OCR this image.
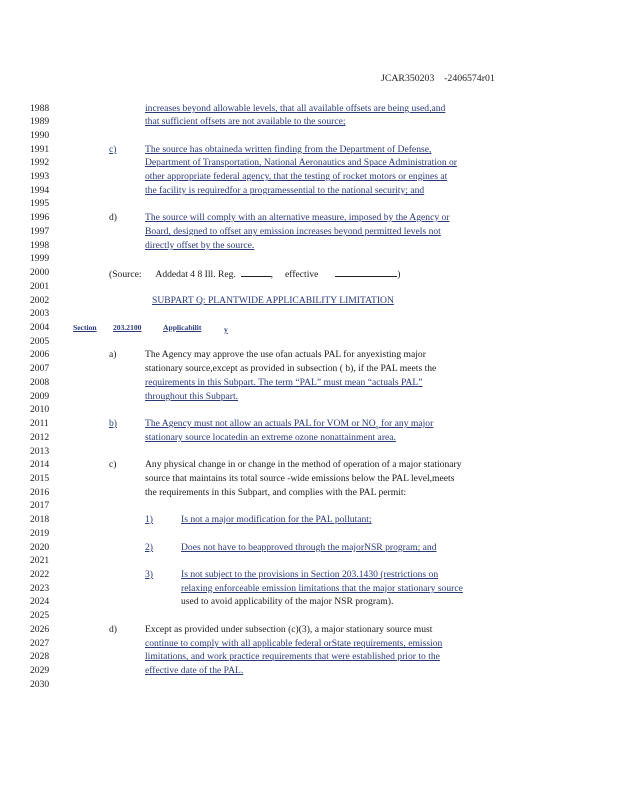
JCAR350203 -2406574r01
1988
1989
1990
1991
1992
1993
1994
1995
1996
1997
1998
1999
2000
2001
2002
2003
2004
2005
2006
2007
2008
2009
2010
2011
2012
2013
2014
2015
2016
2017
2018
2019
2020
2021
2022
2023
2024
2025
2026
2027
2028
2029
2030
increases beyond allowable levels, that all available offsets are being used,and
that sufficient offsets are not available to the source;
c)	The source has obtaineda written finding from the Department of Defense,
Department of Transportation, National Aeronautics and Space Administration or
other appropriate federal agency, that the testing of rocket motors or engines at
the facility is requiredfor a programessential to the national security; and
d)	The source will comply with an alternative measure, imposed by the Agency or
Board, designed to offset any emission increases beyond permitted levels not
directly offset by the source.
(Source: Addedat 4 8 Ill. Reg.	,     effective	)
SUBPART Q: PLANTWIDE APPLICABILITY LIMITATION
Section 203.2100	Applicabilit	y
a)	The Agency may approve the use ofan actuals PAL for anyexisting major
stationary source,except as provided in subsection ( b), if the PAL meets the
requirements in this Subpart. The term “PAL” must mean “actuals PAL”
throughout this Subpart.
b)	The Agency must not allow an actuals PAL for VOM or $NO_x$ for any major
stationary source locatedin an extreme ozone nonattainment area.
c)	Any physical change in or change in the method of operation of a major stationary
source that maintains its total source -wide emissions below the PAL level,meets
the requirements in this Subpart, and complies with the PAL permit:
1)	Is not a major modification for the PAL pollutant;
2)	Does not have to beapproved through the majorNSR program; and
3)	Is not subject to the provisions in Section 203.1430 (restrictions on
relaxing enforceable emission limitations that the major stationary source
used to avoid applicability of the major NSR program).
d)	Except as provided under subsection (c)(3), a major stationary source must
continue to comply with all applicable federal orState requirements, emission
limitations, and work practice requirements that were established prior to the
effective date of the PAL.
